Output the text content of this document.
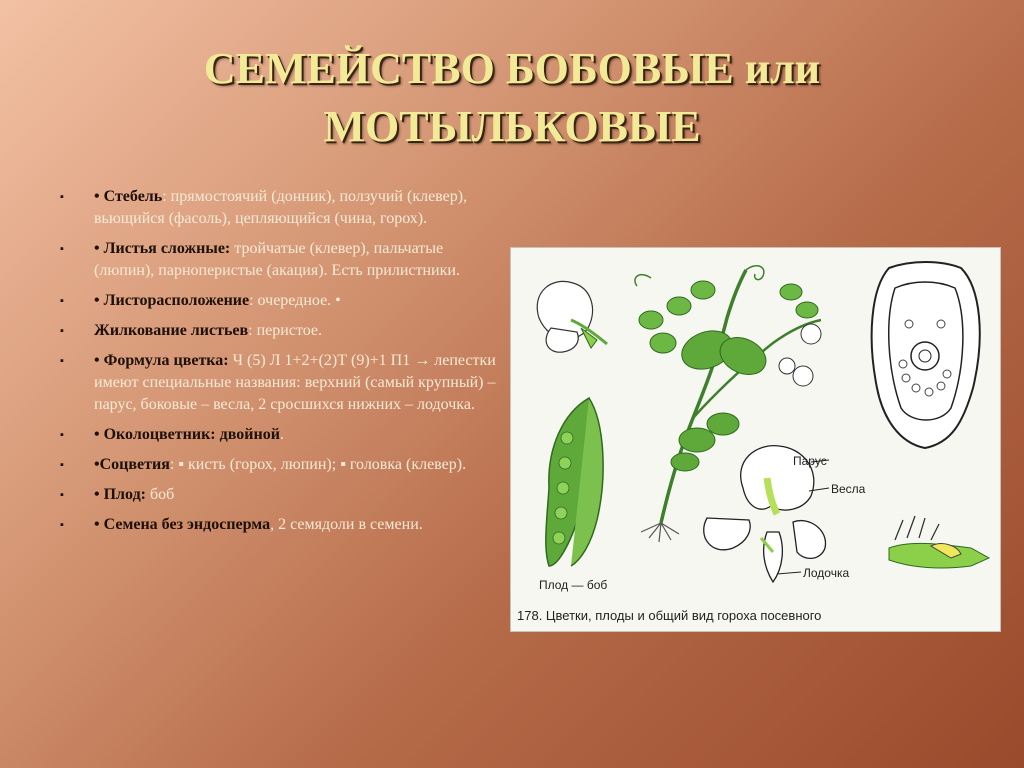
СЕМЕЙСТВО БОБОВЫЕ или
МОТЫЛЬКОВЫЕ
▪ • Стебель: прямостоячий (донник), ползучий (клевер), вьющийся (фасоль), цепляющийся (чина, горох).
▪ • Листья сложные: тройчатые (клевер), пальчатые (люпин), парноперистые (акация). Есть прилистники.
▪ • Листорасположение: очередное. •
▪ Жилкование листьев: перистое.
▪ • Формула цветка: Ч (5) Л 1+2+(2)Т (9)+1 П1 → лепестки имеют специальные названия: верхний (самый крупный) – парус, боковые – весла, 2 сросшихся нижних – лодочка.
▪ • Околоцветник: двойной.
▪ •Соцветия: ▪ кисть (горох, люпин); ▪ головка (клевер).
▪ • Плод: боб
▪ • Семена без эндосперма, 2 семядоли в семени.
Парус
Весла
Лодочка
Плод — боб
178. Цветки, плоды и общий вид гороха посевного
